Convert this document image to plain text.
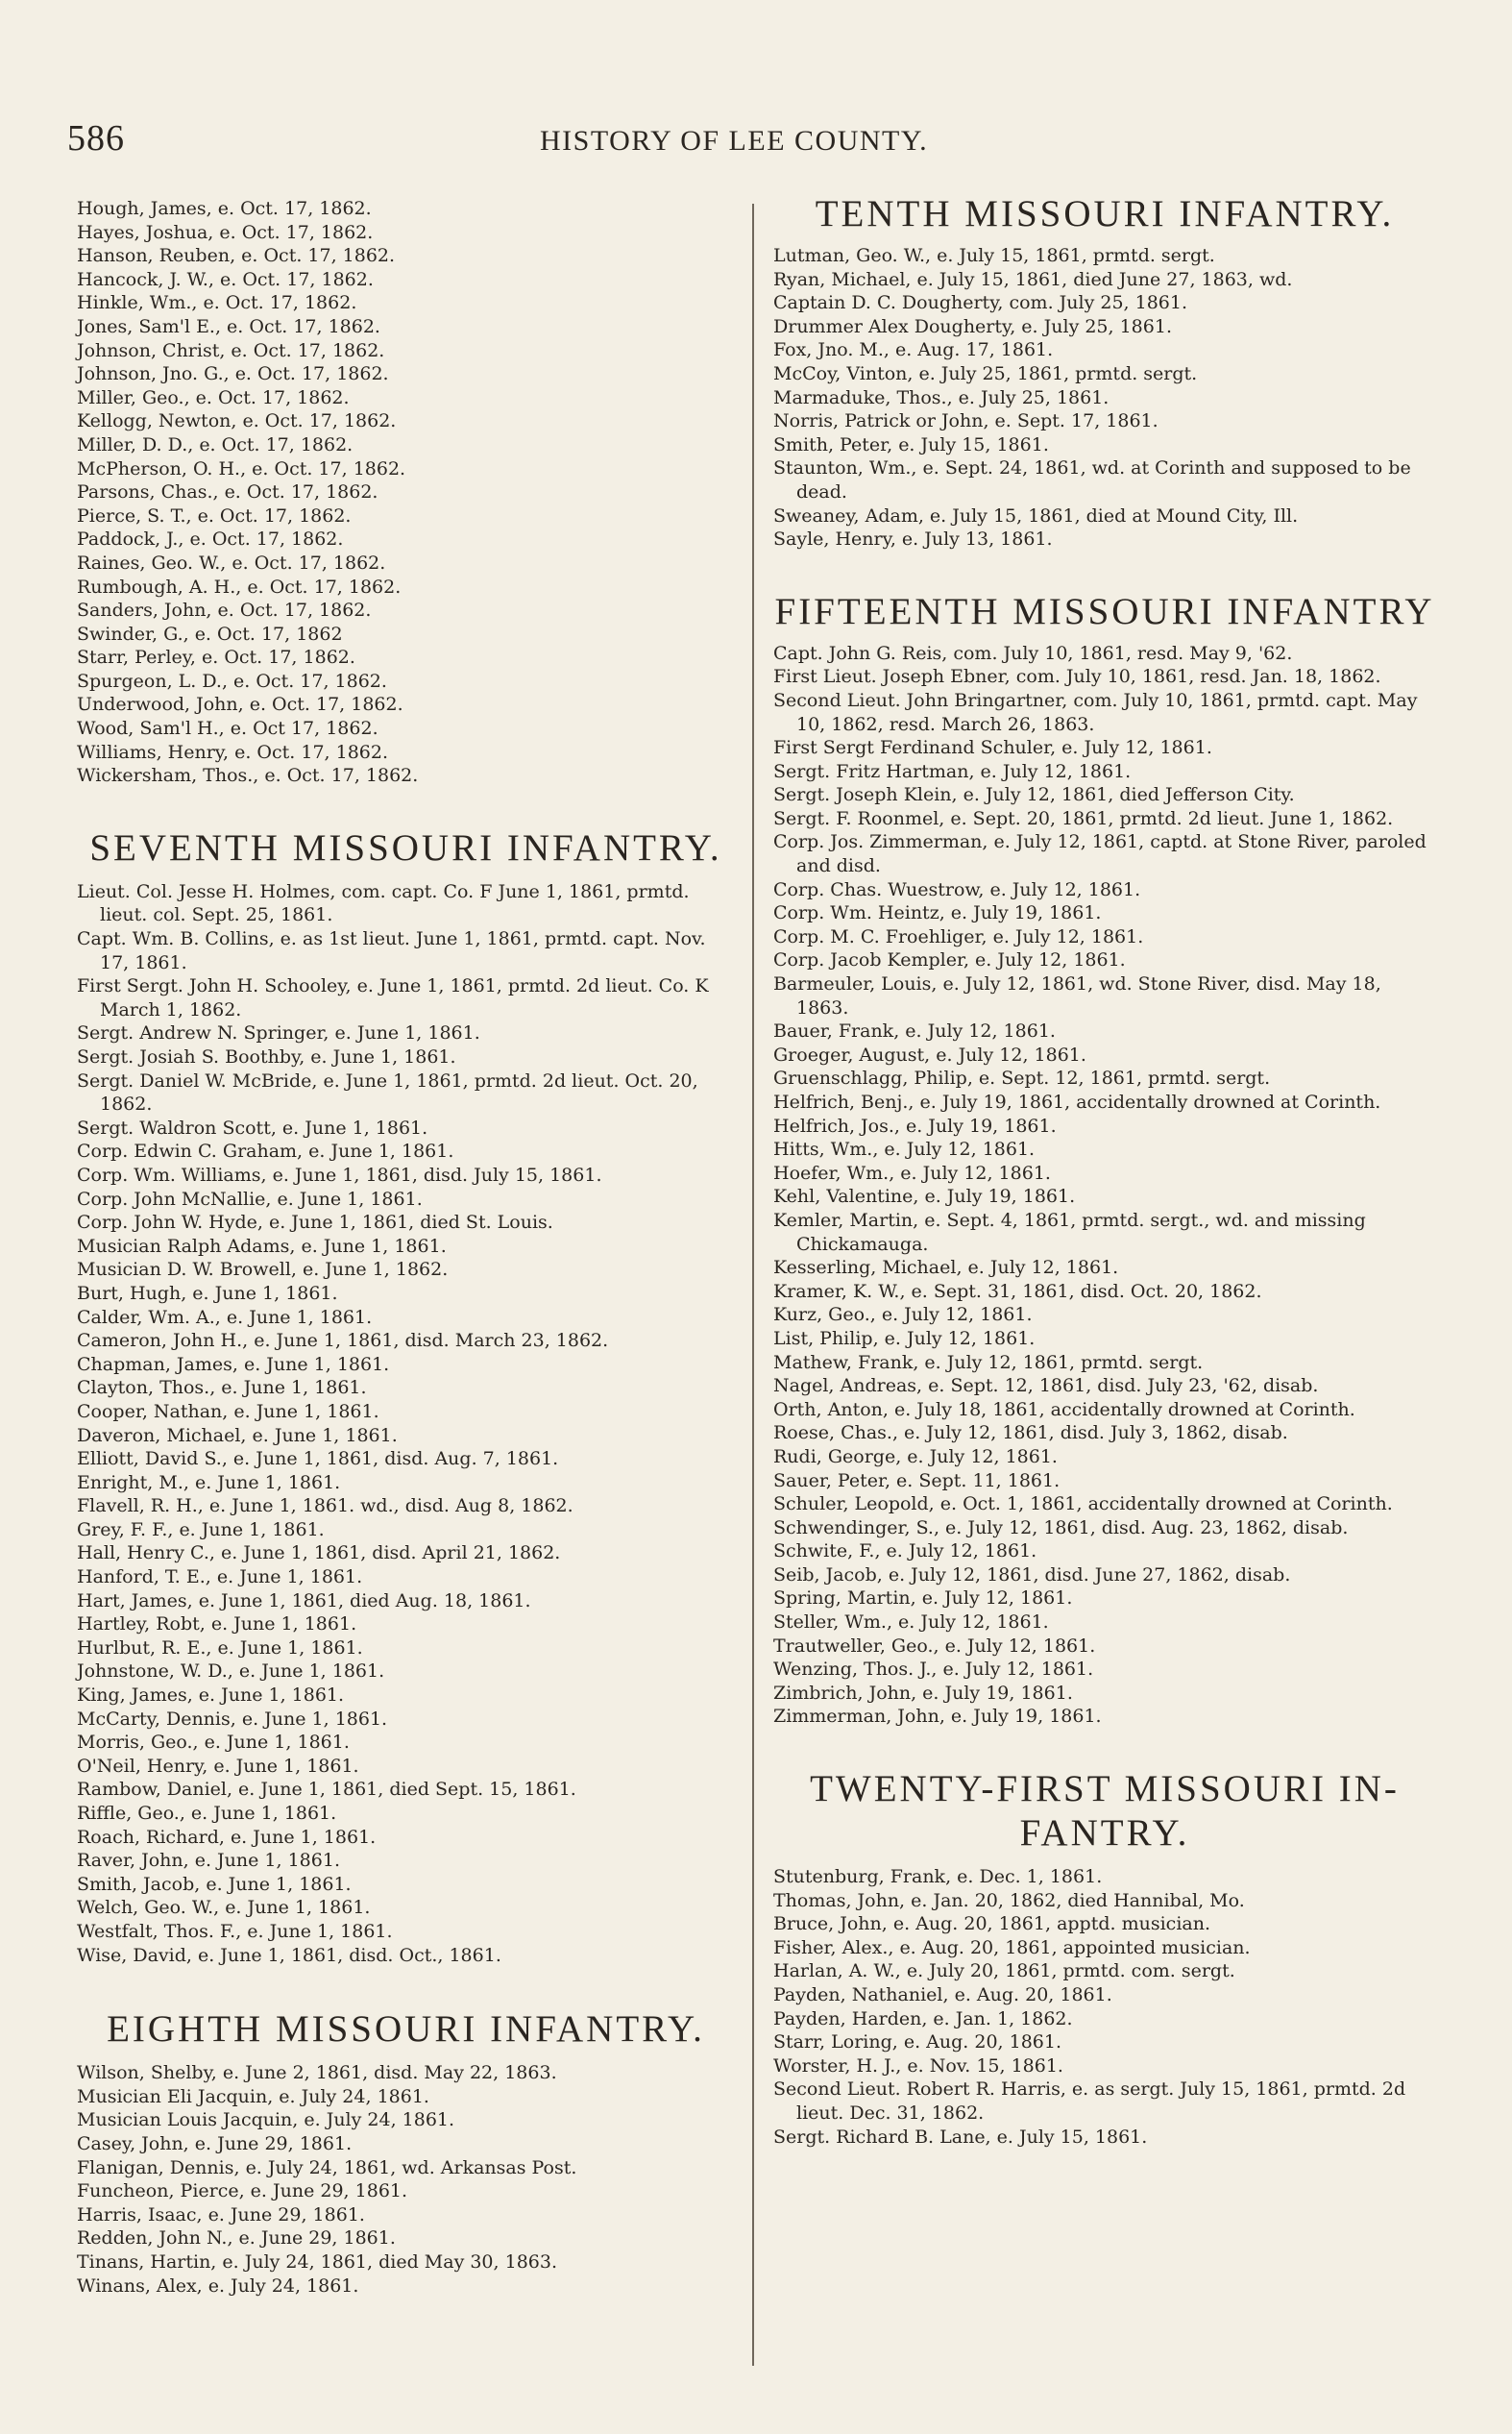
586	HISTORY OF LEE COUNTY.
Hough, James, e. Oct. 17, 1862.
Hayes, Joshua, e. Oct. 17, 1862.
Hanson, Reuben, e. Oct. 17, 1862.
Hancock, J. W., e. Oct. 17, 1862.
Hinkle, Wm., e. Oct. 17, 1862.
Jones, Sam'l E., e. Oct. 17, 1862.
Johnson, Christ, e. Oct. 17, 1862.
Johnson, Jno. G., e. Oct. 17, 1862.
Miller, Geo., e. Oct. 17, 1862.
Kellogg, Newton, e. Oct. 17, 1862.
Miller, D. D., e. Oct. 17, 1862.
McPherson, O. H., e. Oct. 17, 1862.
Parsons, Chas., e. Oct. 17, 1862.
Pierce, S. T., e. Oct. 17, 1862.
Paddock, J., e. Oct. 17, 1862.
Raines, Geo. W., e. Oct. 17, 1862.
Rumbough, A. H., e. Oct. 17, 1862.
Sanders, John, e. Oct. 17, 1862.
Swinder, G., e. Oct. 17, 1862
Starr, Perley, e. Oct. 17, 1862.
Spurgeon, L. D., e. Oct. 17, 1862.
Underwood, John, e. Oct. 17, 1862.
Wood, Sam'l H., e. Oct 17, 1862.
Williams, Henry, e. Oct. 17, 1862.
Wickersham, Thos., e. Oct. 17, 1862.
SEVENTH MISSOURI INFANTRY.
Lieut. Col. Jesse H. Holmes, com. capt. Co. F June 1, 1861, prmtd. lieut. col. Sept. 25, 1861.
Capt. Wm. B. Collins, e. as 1st lieut. June 1, 1861, prmtd. capt. Nov. 17, 1861.
First Sergt. John H. Schooley, e. June 1, 1861, prmtd. 2d lieut. Co. K March 1, 1862.
Sergt. Andrew N. Springer, e. June 1, 1861.
Sergt. Josiah S. Boothby, e. June 1, 1861.
Sergt. Daniel W. McBride, e. June 1, 1861, prmtd. 2d lieut. Oct. 20, 1862.
Sergt. Waldron Scott, e. June 1, 1861.
Corp. Edwin C. Graham, e. June 1, 1861.
Corp. Wm. Williams, e. June 1, 1861, disd. July 15, 1861.
Corp. John McNallie, e. June 1, 1861.
Corp. John W. Hyde, e. June 1, 1861, died St. Louis.
Musician Ralph Adams, e. June 1, 1861.
Musician D. W. Browell, e. June 1, 1862.
Burt, Hugh, e. June 1, 1861.
Calder, Wm. A., e. June 1, 1861.
Cameron, John H., e. June 1, 1861, disd. March 23, 1862.
Chapman, James, e. June 1, 1861.
Clayton, Thos., e. June 1, 1861.
Cooper, Nathan, e. June 1, 1861.
Daveron, Michael, e. June 1, 1861.
Elliott, David S., e. June 1, 1861, disd. Aug. 7, 1861.
Enright, M., e. June 1, 1861.
Flavell, R. H., e. June 1, 1861. wd., disd. Aug 8, 1862.
Grey, F. F., e. June 1, 1861.
Hall, Henry C., e. June 1, 1861, disd. April 21, 1862.
Hanford, T. E., e. June 1, 1861.
Hart, James, e. June 1, 1861, died Aug. 18, 1861.
Hartley, Robt, e. June 1, 1861.
Hurlbut, R. E., e. June 1, 1861.
Johnstone, W. D., e. June 1, 1861.
King, James, e. June 1, 1861.
McCarty, Dennis, e. June 1, 1861.
Morris, Geo., e. June 1, 1861.
O'Neil, Henry, e. June 1, 1861.
Rambow, Daniel, e. June 1, 1861, died Sept. 15, 1861.
Riffle, Geo., e. June 1, 1861.
Roach, Richard, e. June 1, 1861.
Raver, John, e. June 1, 1861.
Smith, Jacob, e. June 1, 1861.
Welch, Geo. W., e. June 1, 1861.
Westfalt, Thos. F., e. June 1, 1861.
Wise, David, e. June 1, 1861, disd. Oct., 1861.
EIGHTH MISSOURI INFANTRY.
Wilson, Shelby, e. June 2, 1861, disd. May 22, 1863.
Musician Eli Jacquin, e. July 24, 1861.
Musician Louis Jacquin, e. July 24, 1861.
Casey, John, e. June 29, 1861.
Flanigan, Dennis, e. July 24, 1861, wd. Arkansas Post.
Funcheon, Pierce, e. June 29, 1861.
Harris, Isaac, e. June 29, 1861.
Redden, John N., e. June 29, 1861.
Tinans, Hartin, e. July 24, 1861, died May 30, 1863.
Winans, Alex, e. July 24, 1861.
TENTH MISSOURI INFANTRY.
Lutman, Geo. W., e. July 15, 1861, prmtd. sergt.
Ryan, Michael, e. July 15, 1861, died June 27, 1863, wd.
Captain D. C. Dougherty, com. July 25, 1861.
Drummer Alex Dougherty, e. July 25, 1861.
Fox, Jno. M., e. Aug. 17, 1861.
McCoy, Vinton, e. July 25, 1861, prmtd. sergt.
Marmaduke, Thos., e. July 25, 1861.
Norris, Patrick or John, e. Sept. 17, 1861.
Smith, Peter, e. July 15, 1861.
Staunton, Wm., e. Sept. 24, 1861, wd. at Corinth and supposed to be dead.
Sweaney, Adam, e. July 15, 1861, died at Mound City, Ill.
Sayle, Henry, e. July 13, 1861.
FIFTEENTH MISSOURI INFANTRY
Capt. John G. Reis, com. July 10, 1861, resd. May 9, '62.
First Lieut. Joseph Ebner, com. July 10, 1861, resd. Jan. 18, 1862.
Second Lieut. John Bringartner, com. July 10, 1861, prmtd. capt. May 10, 1862, resd. March 26, 1863.
First Sergt Ferdinand Schuler, e. July 12, 1861.
Sergt. Fritz Hartman, e. July 12, 1861.
Sergt. Joseph Klein, e. July 12, 1861, died Jefferson City.
Sergt. F. Roonmel, e. Sept. 20, 1861, prmtd. 2d lieut. June 1, 1862.
Corp. Jos. Zimmerman, e. July 12, 1861, captd. at Stone River, paroled and disd.
Corp. Chas. Wuestrow, e. July 12, 1861.
Corp. Wm. Heintz, e. July 19, 1861.
Corp. M. C. Froehliger, e. July 12, 1861.
Corp. Jacob Kempler, e. July 12, 1861.
Barmeuler, Louis, e. July 12, 1861, wd. Stone River, disd. May 18, 1863.
Bauer, Frank, e. July 12, 1861.
Groeger, August, e. July 12, 1861.
Gruenschlagg, Philip, e. Sept. 12, 1861, prmtd. sergt.
Helfrich, Benj., e. July 19, 1861, accidentally drowned at Corinth.
Helfrich, Jos., e. July 19, 1861.
Hitts, Wm., e. July 12, 1861.
Hoefer, Wm., e. July 12, 1861.
Kehl, Valentine, e. July 19, 1861.
Kemler, Martin, e. Sept. 4, 1861, prmtd. sergt., wd. and missing Chickamauga.
Kesserling, Michael, e. July 12, 1861.
Kramer, K. W., e. Sept. 31, 1861, disd. Oct. 20, 1862.
Kurz, Geo., e. July 12, 1861.
List, Philip, e. July 12, 1861.
Mathew, Frank, e. July 12, 1861, prmtd. sergt.
Nagel, Andreas, e. Sept. 12, 1861, disd. July 23, '62, disab.
Orth, Anton, e. July 18, 1861, accidentally drowned at Corinth.
Roese, Chas., e. July 12, 1861, disd. July 3, 1862, disab.
Rudi, George, e. July 12, 1861.
Sauer, Peter, e. Sept. 11, 1861.
Schuler, Leopold, e. Oct. 1, 1861, accidentally drowned at Corinth.
Schwendinger, S., e. July 12, 1861, disd. Aug. 23, 1862, disab.
Schwite, F., e. July 12, 1861.
Seib, Jacob, e. July 12, 1861, disd. June 27, 1862, disab.
Spring, Martin, e. July 12, 1861.
Steller, Wm., e. July 12, 1861.
Trautweller, Geo., e. July 12, 1861.
Wenzing, Thos. J., e. July 12, 1861.
Zimbrich, John, e. July 19, 1861.
Zimmerman, John, e. July 19, 1861.
TWENTY-FIRST MISSOURI IN-
FANTRY.
Stutenburg, Frank, e. Dec. 1, 1861.
Thomas, John, e. Jan. 20, 1862, died Hannibal, Mo.
Bruce, John, e. Aug. 20, 1861, apptd. musician.
Fisher, Alex., e. Aug. 20, 1861, appointed musician.
Harlan, A. W., e. July 20, 1861, prmtd. com. sergt.
Payden, Nathaniel, e. Aug. 20, 1861.
Payden, Harden, e. Jan. 1, 1862.
Starr, Loring, e. Aug. 20, 1861.
Worster, H. J., e. Nov. 15, 1861.
Second Lieut. Robert R. Harris, e. as sergt. July 15, 1861, prmtd. 2d lieut. Dec. 31, 1862.
Sergt. Richard B. Lane, e. July 15, 1861.
